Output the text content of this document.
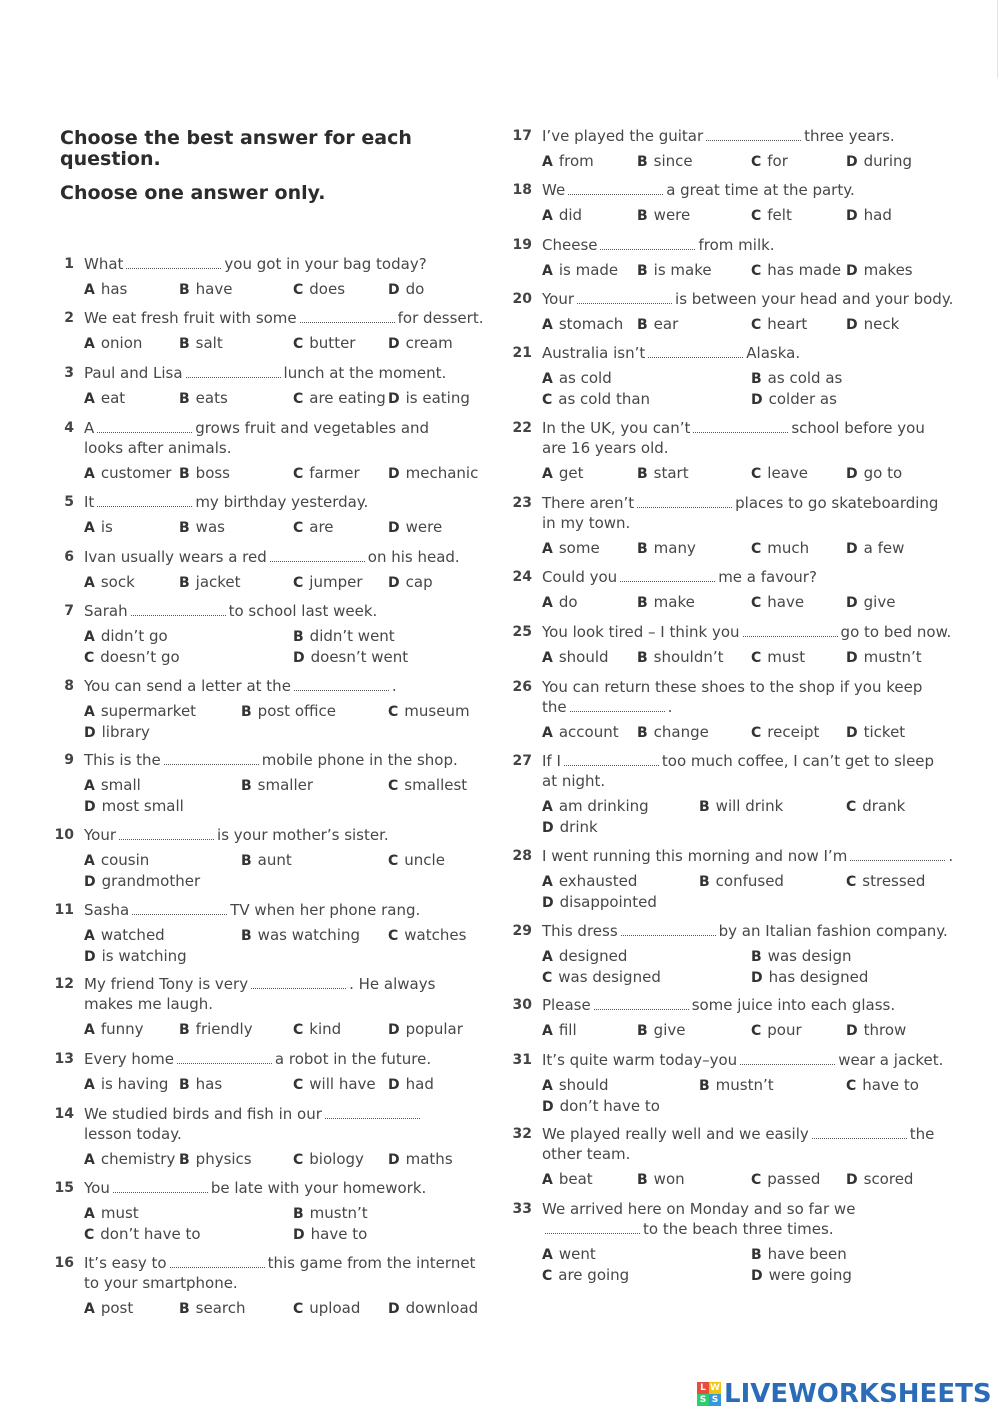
Choose the best answer for each question.
Choose one answer only.
1 What	you got in your bag today?
A has	B have	C does	D do
2 We eat fresh fruit with some	for dessert.
A onion	B salt	C butter D cream
3 Paul and Lisa	lunch at the moment.
A eat	B eats	C are eating D is eating
4 A	grows fruit and vegetables and looks after animals.
A customer B boss	C farmer D mechanic
5 It	my birthday yesterday.
A is	B was	C are	D were
6 Ivan usually wears a red	on his head.
A sock	B jacket	C jumper D cap
7 Sarah	to school last week.
A didn’t go	B didn’t went
C doesn’t go	D doesn’t went
8 You can send a letter at the	.
A supermarket	B post office	C museum
D library
9 This is the	mobile phone in the shop.
A small	B smaller	C smallest
D most small
10 Your	is your mother’s sister.
A cousin	B aunt	C uncle
D grandmother
11 Sasha	TV when her phone rang.
A watched	B was watching C watches
D is watching
12 My friend Tony is very	. He always makes me laugh.
A funny	B friendly	C kind	D popular
13 Every home	a robot in the future.
A is having B has	C will have D had
14 We studied birds and fish in ourlesson today.
A chemistry B physics	C biology D maths
15 You	be late with your homework.
A must	B mustn’t
C don’t have to	D have to
16 It’s easy to	this game from the internet to your smartphone.
A post	B search	C upload D download
17 I’ve played the guitar	three years.
A from	B since	C for	D during
18 We	a great time at the party.
A did	B were	C felt	D had
19 Cheese	from milk.
A is made B is make	C has made D makes
20 Your	is between your head and your body.
A stomach B ear	C heart	D neck
21 Australia isn’t	Alaska.
A as cold	B as cold as
C as cold than	D colder as
22 In the UK, you can’t	school before you are 16 years old.
A get	B start	C leave	D go to
23 There aren’t	places to go skateboarding in my town.
A some	B many	C much	D a few
24 Could you	me a favour?
A do	B make	C have	D give
25 You look tired – I think you	go to bed now.
A should B shouldn’t C must	D mustn’t
26 You can return these shoes to the shop if you keep the	.
A account B change	C receipt D ticket
27 If I	too much coffee, I can’t get to sleep at night.
A am drinking	B will drink	C drank
D drink
28 I went running this morning and now I’m	.
A exhausted	B confused	C stressed
D disappointed
29 This dress	by an Italian fashion company.
A designed	B was design
C was designed	D has designed
30 Please	some juice into each glass.
A fill	B give	C pour	D throw
31 It’s quite warm today–you	wear a jacket.
A should	B mustn’t	C have to
D don’t have to
32 We played really well and we easily	the other team.
A beat	B won	C passed D scored
33 We arrived here on Monday and so far weto the beach three times.
A went	B have been
C are going	D were going
L W
S S LIVEWORKSHEETS
